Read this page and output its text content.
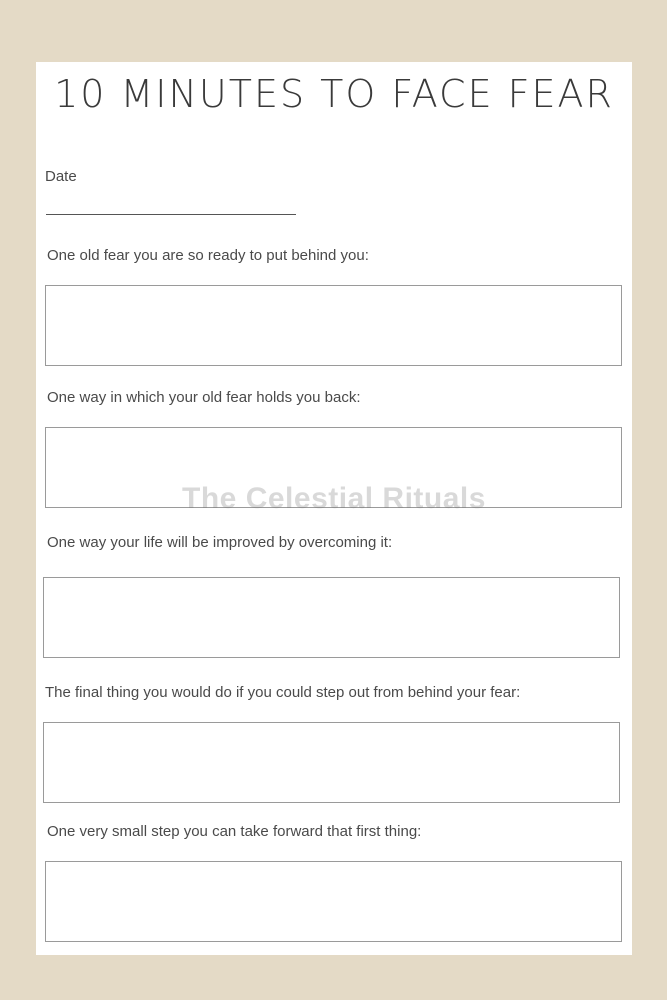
10 MINUTES TO FACE FEAR
Date
One old fear you are so ready to put behind you:
One way in which your old fear holds you back:
One way your life will be improved by overcoming it:
The final thing you would do if you could step out from behind your fear:
One very small step you can take forward that first thing:
The Celestial Rituals
